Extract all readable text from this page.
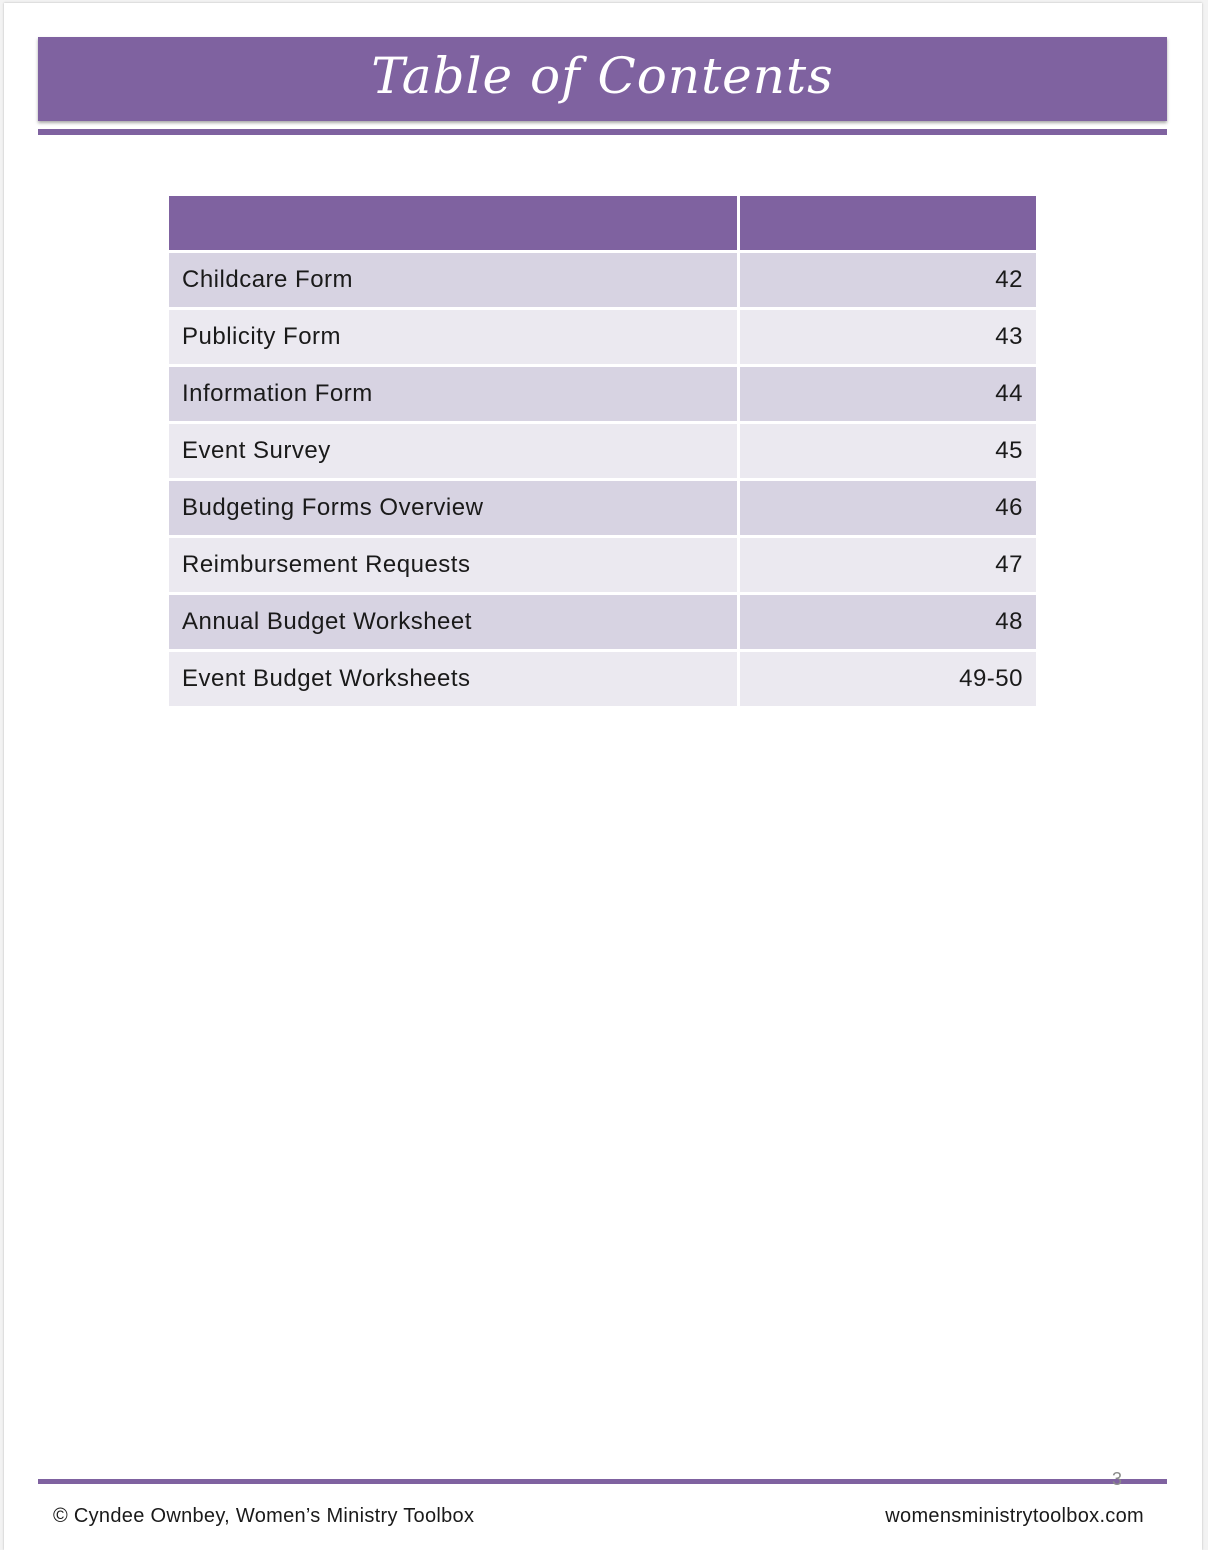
Table of Contents
Childcare Form	42
Publicity Form	43
Information Form	44
Event Survey	45
Budgeting Forms Overview	46
Reimbursement Requests	47
Annual Budget Worksheet	48
Event Budget Worksheets	49-50
3
© Cyndee Ownbey, Women’s Ministry Toolbox	womensministrytoolbox.com
